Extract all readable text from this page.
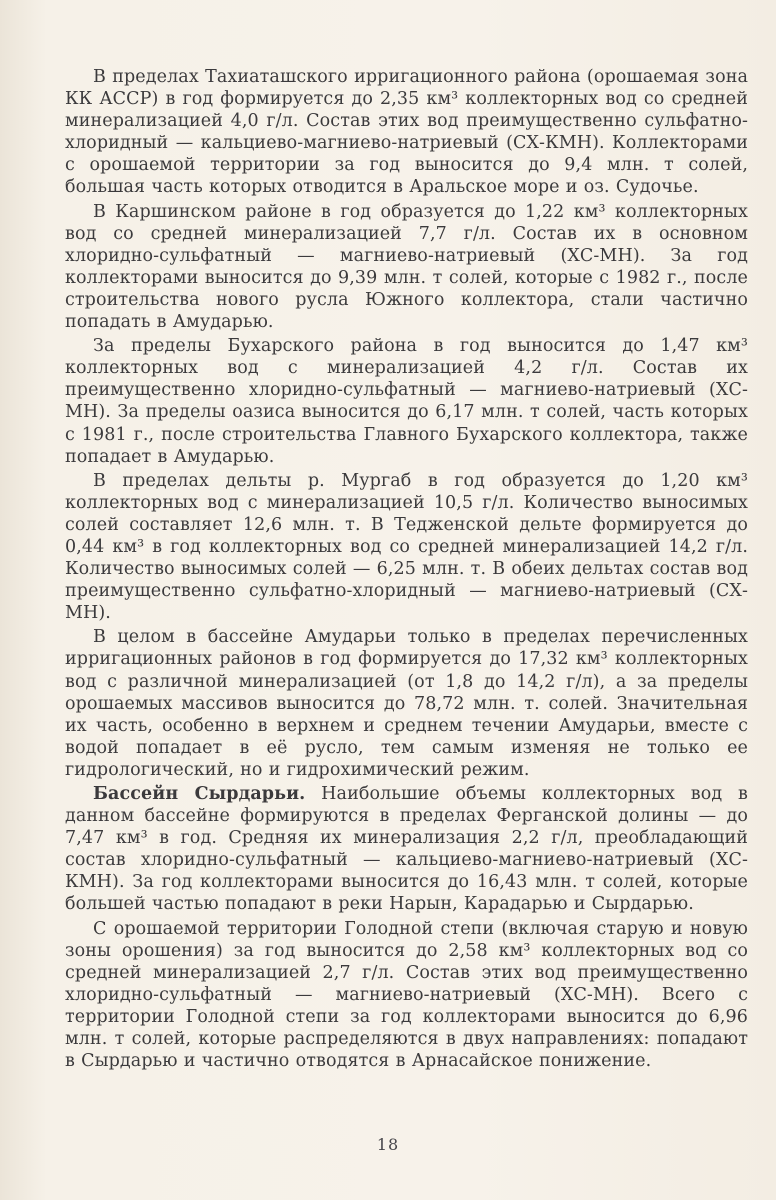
В пределах Тахиаташского ирригационного района (орошаемая зона КК АССР) в год формируется до 2,35 км³ коллекторных вод со средней минерализацией 4,0 г/л. Состав этих вод преимущественно сульфатно-хлоридный — кальциево-магниево-натриевый (СХ-КМН). Коллекторами с орошаемой территории за год выносится до 9,4 млн. т солей, большая часть которых отводится в Аральское море и оз. Судочье.

В Каршинском районе в год образуется до 1,22 км³ коллекторных вод со средней минерализацией 7,7 г/л. Состав их в основном хлоридно-сульфатный — магниево-натриевый (ХС-МН). За год коллекторами выносится до 9,39 млн. т солей, которые с 1982 г., после строительства нового русла Южного коллектора, стали частично попадать в Амударью.

За пределы Бухарского района в год выносится до 1,47 км³ коллекторных вод с минерализацией 4,2 г/л. Состав их преимущественно хлоридно-сульфатный — магниево-натриевый (ХС-МН). За пределы оазиса выносится до 6,17 млн. т солей, часть которых с 1981 г., после строительства Главного Бухарского коллектора, также попадает в Амударью.

В пределах дельты р. Мургаб в год образуется до 1,20 км³ коллекторных вод с минерализацией 10,5 г/л. Количество выносимых солей составляет 12,6 млн. т. В Тедженской дельте формируется до 0,44 км³ в год коллекторных вод со средней минерализацией 14,2 г/л. Количество выносимых солей — 6,25 млн. т. В обеих дельтах состав вод преимущественно сульфатно-хлоридный — магниево-натриевый (СХ-МН).

В целом в бассейне Амударьи только в пределах перечисленных ирригационных районов в год формируется до 17,32 км³ коллекторных вод с различной минерализацией (от 1,8 до 14,2 г/л), а за пределы орошаемых массивов выносится до 78,72 млн. т. солей. Значительная их часть, особенно в верхнем и среднем течении Амударьи, вместе с водой попадает в её русло, тем самым изменяя не только ее гидрологический, но и гидрохимический режим.

Бассейн Сырдарьи. Наибольшие объемы коллекторных вод в данном бассейне формируются в пределах Ферганской долины — до 7,47 км³ в год. Средняя их минерализация 2,2 г/л, преобладающий состав хлоридно-сульфатный — кальциево-магниево-натриевый (ХС-КМН). За год коллекторами выносится до 16,43 млн. т солей, которые большей частью попадают в реки Нарын, Карадарью и Сырдарью.

С орошаемой территории Голодной степи (включая старую и новую зоны орошения) за год выносится до 2,58 км³ коллекторных вод со средней минерализацией 2,7 г/л. Состав этих вод преимущественно хлоридно-сульфатный — магниево-натриевый (ХС-МН). Всего с территории Голодной степи за год коллекторами выносится до 6,96 млн. т солей, которые распределяются в двух направлениях: попадают в Сырдарью и частично отводятся в Арнасайское понижение.

18
